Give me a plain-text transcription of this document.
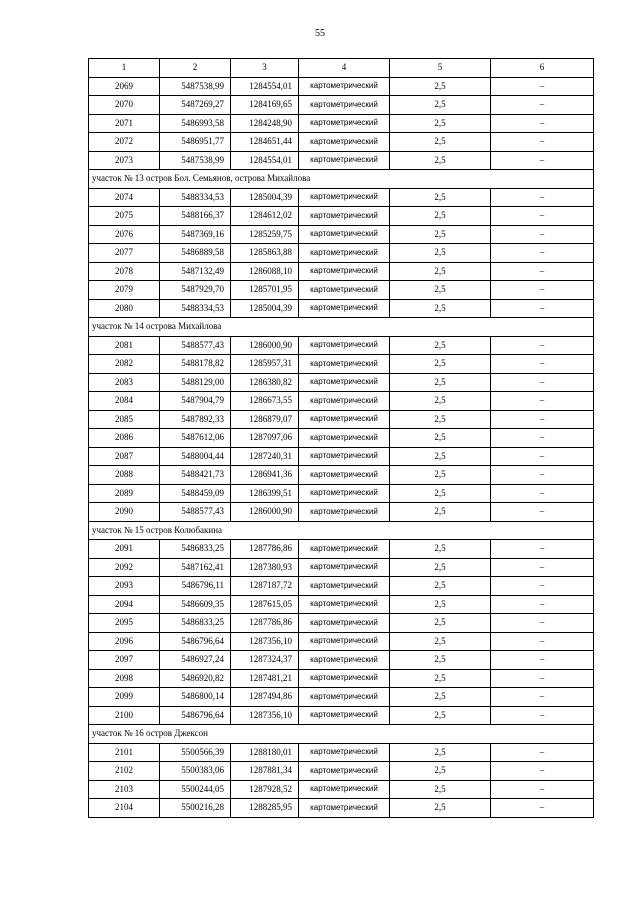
55
1	2	3	4	5	6
2069	5487538,99	1284554,01	картометрический	2,5	–
2070	5487269,27	1284169,65	картометрический	2,5	–
2071	5486993,58	1284248,90	картометрический	2,5	–
2072	5486951,77	1284651,44	картометрический	2,5	–
2073	5487538,99	1284554,01	картометрический	2,5	–
участок № 13 остров Бол. Семьянов, острова Михайлова					
2074	5488334,53	1285004,39	картометрический	2,5	–
2075	5488166,37	1284612,02	картометрический	2,5	–
2076	5487369,16	1285259,75	картометрический	2,5	–
2077	5486889,58	1285863,88	картометрический	2,5	–
2078	5487132,49	1286088,10	картометрический	2,5	–
2079	5487929,70	1285701,95	картометрический	2,5	–
2080	5488334,53	1285004,39	картометрический	2,5	–
участок № 14 острова Михайлова					
2081	5488577,43	1286000,90	картометрический	2,5	–
2082	5488178,82	1285957,31	картометрический	2,5	–
2083	5488129,00	1286380,82	картометрический	2,5	–
2084	5487904,79	1286673,55	картометрический	2,5	–
2085	5487892,33	1286879,07	картометрический	2,5	–
2086	5487612,06	1287097,06	картометрический	2,5	–
2087	5488004,44	1287240,31	картометрический	2,5	–
2088	5488421,73	1286941,36	картометрический	2,5	–
2089	5488459,09	1286399,51	картометрический	2,5	–
2090	5488577,43	1286000,90	картометрический	2,5	–
участок № 15 остров Колюбакина					
2091	5486833,25	1287786,86	картометрический	2,5	–
2092	5487162,41	1287380,93	картометрический	2,5	–
2093	5486796,11	1287187,72	картометрический	2,5	–
2094	5486609,35	1287615,05	картометрический	2,5	–
2095	5486833,25	1287786,86	картометрический	2,5	–
2096	5486796,64	1287356,10	картометрический	2,5	–
2097	5486927,24	1287324,37	картометрический	2,5	–
2098	5486920,82	1287481,21	картометрический	2,5	–
2099	5486800,14	1287494,86	картометрический	2,5	–
2100	5486796,64	1287356,10	картометрический	2,5	–
участок № 16 остров Джексон					
2101	5500566,39	1288180,01	картометрический	2,5	–
2102	5500383,06	1287881,34	картометрический	2,5	–
2103	5500244,05	1287928,52	картометрический	2,5	–
2104	5500216,28	1288285,95	картометрический	2,5	–
